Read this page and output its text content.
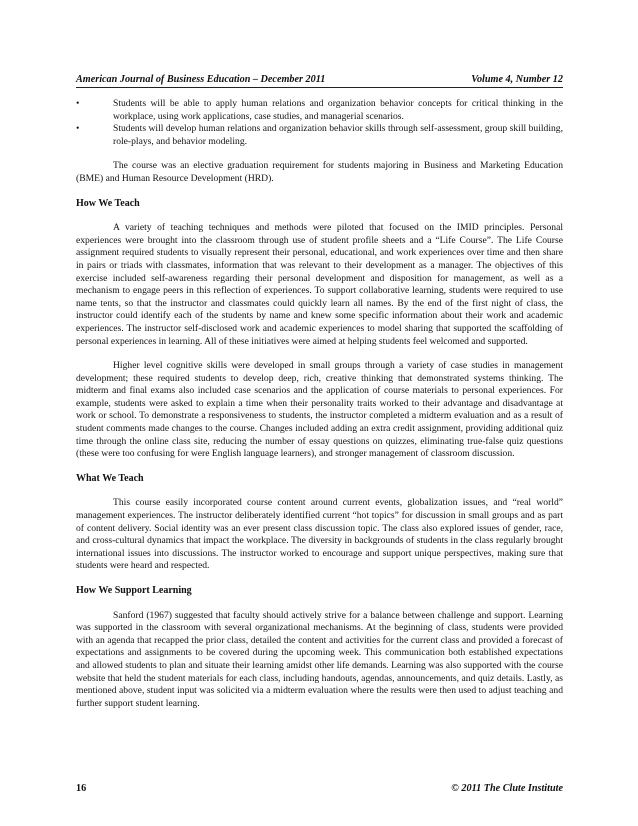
American Journal of Business Education – December 2011	Volume 4, Number 12
•	Students will be able to apply human relations and organization behavior concepts for critical thinking in the workplace, using work applications, case studies, and managerial scenarios.
•	Students will develop human relations and organization behavior skills through self-assessment, group skill building, role-plays, and behavior modeling.

The course was an elective graduation requirement for students majoring in Business and Marketing Education (BME) and Human Resource Development (HRD).

How We Teach

A variety of teaching techniques and methods were piloted that focused on the IMID principles. Personal experiences were brought into the classroom through use of student profile sheets and a “Life Course”. The Life Course assignment required students to visually represent their personal, educational, and work experiences over time and then share in pairs or triads with classmates, information that was relevant to their development as a manager. The objectives of this exercise included self-awareness regarding their personal development and disposition for management, as well as a mechanism to engage peers in this reflection of experiences. To support collaborative learning, students were required to use name tents, so that the instructor and classmates could quickly learn all names. By the end of the first night of class, the instructor could identify each of the students by name and knew some specific information about their work and academic experiences. The instructor self-disclosed work and academic experiences to model sharing that supported the scaffolding of personal experiences in learning. All of these initiatives were aimed at helping students feel welcomed and supported.

Higher level cognitive skills were developed in small groups through a variety of case studies in management development; these required students to develop deep, rich, creative thinking that demonstrated systems thinking. The midterm and final exams also included case scenarios and the application of course materials to personal experiences. For example, students were asked to explain a time when their personality traits worked to their advantage and disadvantage at work or school. To demonstrate a responsiveness to students, the instructor completed a midterm evaluation and as a result of student comments made changes to the course. Changes included adding an extra credit assignment, providing additional quiz time through the online class site, reducing the number of essay questions on quizzes, eliminating true-false quiz questions (these were too confusing for were English language learners), and stronger management of classroom discussion.

What We Teach

This course easily incorporated course content around current events, globalization issues, and “real world” management experiences. The instructor deliberately identified current “hot topics” for discussion in small groups and as part of content delivery. Social identity was an ever present class discussion topic. The class also explored issues of gender, race, and cross-cultural dynamics that impact the workplace. The diversity in backgrounds of students in the class regularly brought international issues into discussions. The instructor worked to encourage and support unique perspectives, making sure that students were heard and respected.

How We Support Learning

Sanford (1967) suggested that faculty should actively strive for a balance between challenge and support. Learning was supported in the classroom with several organizational mechanisms. At the beginning of class, students were provided with an agenda that recapped the prior class, detailed the content and activities for the current class and provided a forecast of expectations and assignments to be covered during the upcoming week. This communication both established expectations and allowed students to plan and situate their learning amidst other life demands. Learning was also supported with the course website that held the student materials for each class, including handouts, agendas, announcements, and quiz details. Lastly, as mentioned above, student input was solicited via a midterm evaluation where the results were then used to adjust teaching and further support student learning.

16	© 2011 The Clute Institute
